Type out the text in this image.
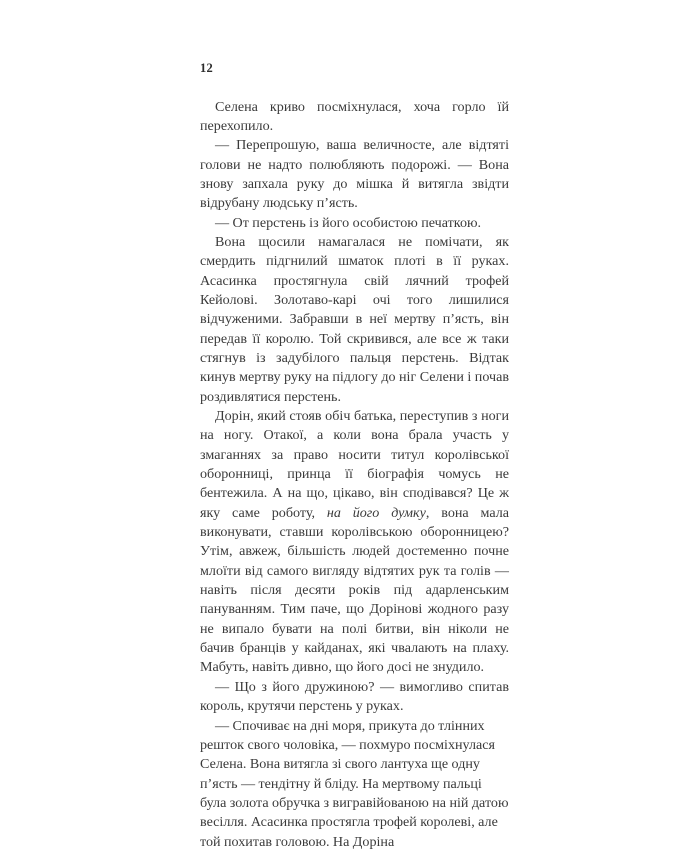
12

Селена криво посміхнулася, хоча горло їй перехопило.

— Перепрошую, ваша величносте, але відтяті голови не надто полюбляють подорожі. — Вона знову запхала руку до мішка й витягла звідти відрубану людську п’ясть.

— От перстень із його особистою печаткою.

Вона щосили намагалася не помічати, як смердить підгнилий шматок плоті в її руках. Асасинка простягнула свій лячний трофей Кейолові. Золотаво-карі очі того лишилися відчуженими. Забравши в неї мертву п’ясть, він передав її королю. Той скривився, але все ж таки стягнув із задубілого пальця перстень. Відтак кинув мертву руку на підлогу до ніг Селени і почав роздивлятися перстень.

Дорін, який стояв обіч батька, переступив з ноги на ногу. Отакої, а коли вона брала участь у змаганнях за право носити титул королівської оборонниці, принца її біографія чомусь не бентежила. А на що, цікаво, він сподівався? Це ж яку саме роботу, на його думку, вона мала виконувати, ставши королівською оборонницею? Утім, авжеж, більшість людей достеменно почне млоїти від самого вигляду відтятих рук та голів — навіть після десяти років під адарленським пануванням. Тим паче, що Дорінові жодного разу не випало бувати на полі битви, він ніколи не бачив бранців у кайданах, які чвалають на плаху. Мабуть, навіть дивно, що його досі не знудило.

— Що з його дружиною? — вимогливо спитав король, крутячи перстень у руках.

— Спочиває на дні моря, прикута до тлінних решток свого чоловіка, — похмуро посміхнулася Селена. Вона витягла зі свого лантуха ще одну п’ясть — тендітну й бліду. На мертвому пальці була золота обручка з вигравійованою на ній датою весілля. Асасинка простягла трофей королеві, але той похитав головою. На Доріна
